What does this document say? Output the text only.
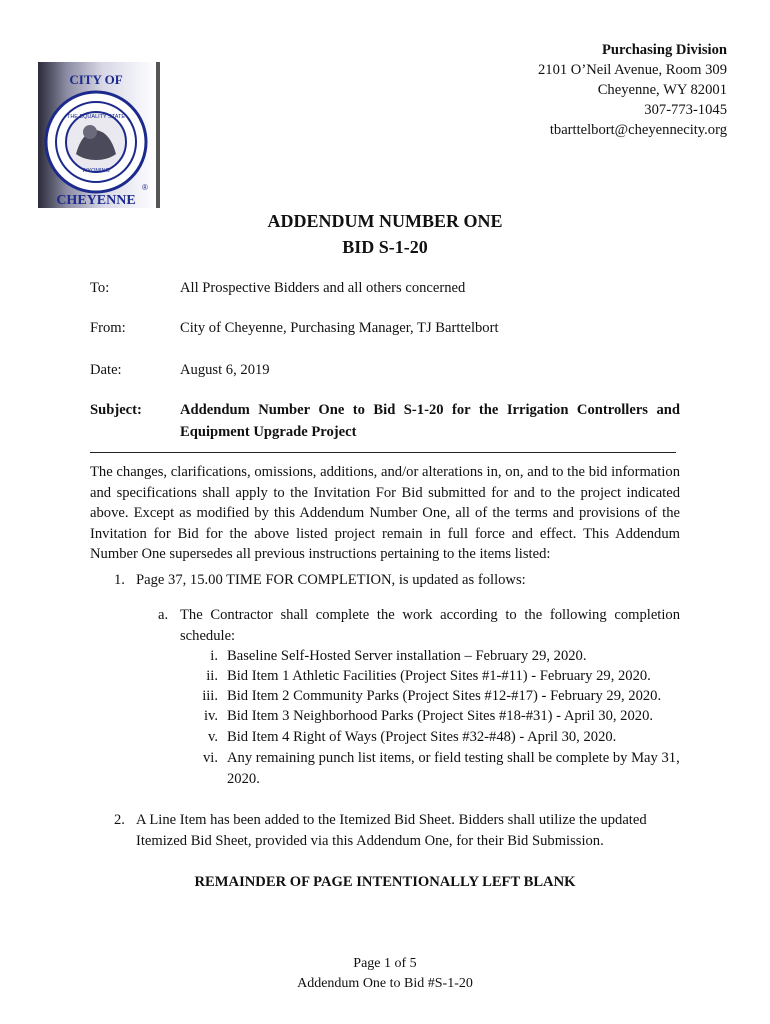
Purchasing Division
2101 O’Neil Avenue, Room 309
Cheyenne, WY 82001
307-773-1045
tbarttelbort@cheyennecity.org
CITY OF
CHEYENNE
THE EQUALITY STATE
WYOMING
®
ADDENDUM NUMBER ONE
BID S-1-20
To:	All Prospective Bidders and all others concerned
From:	City of Cheyenne, Purchasing Manager, TJ Barttelbort
Date:	August 6, 2019
Subject:	Addendum Number One to Bid S-1-20 for the Irrigation Controllers and Equipment Upgrade Project
The changes, clarifications, omissions, additions, and/or alterations in, on, and to the bid information and specifications shall apply to the Invitation For Bid submitted for and to the project indicated above. Except as modified by this Addendum Number One, all of the terms and provisions of the Invitation for Bid for the above listed project remain in full force and effect. This Addendum Number One supersedes all previous instructions pertaining to the items listed:
1. Page 37, 15.00 TIME FOR COMPLETION, is updated as follows:
a. The Contractor shall complete the work according to the following completion schedule:
i. Baseline Self-Hosted Server installation – February 29, 2020.
ii. Bid Item 1 Athletic Facilities (Project Sites #1-#11) - February 29, 2020.
iii. Bid Item 2 Community Parks (Project Sites #12-#17) - February 29, 2020.
iv. Bid Item 3 Neighborhood Parks (Project Sites #18-#31) - April 30, 2020.
v. Bid Item 4 Right of Ways (Project Sites #32-#48) - April 30, 2020.
vi. Any remaining punch list items, or field testing shall be complete by May 31, 2020.
2. A Line Item has been added to the Itemized Bid Sheet. Bidders shall utilize the updated Itemized Bid Sheet, provided via this Addendum One, for their Bid Submission.
REMAINDER OF PAGE INTENTIONALLY LEFT BLANK
Page 1 of 5
Addendum One to Bid #S-1-20
